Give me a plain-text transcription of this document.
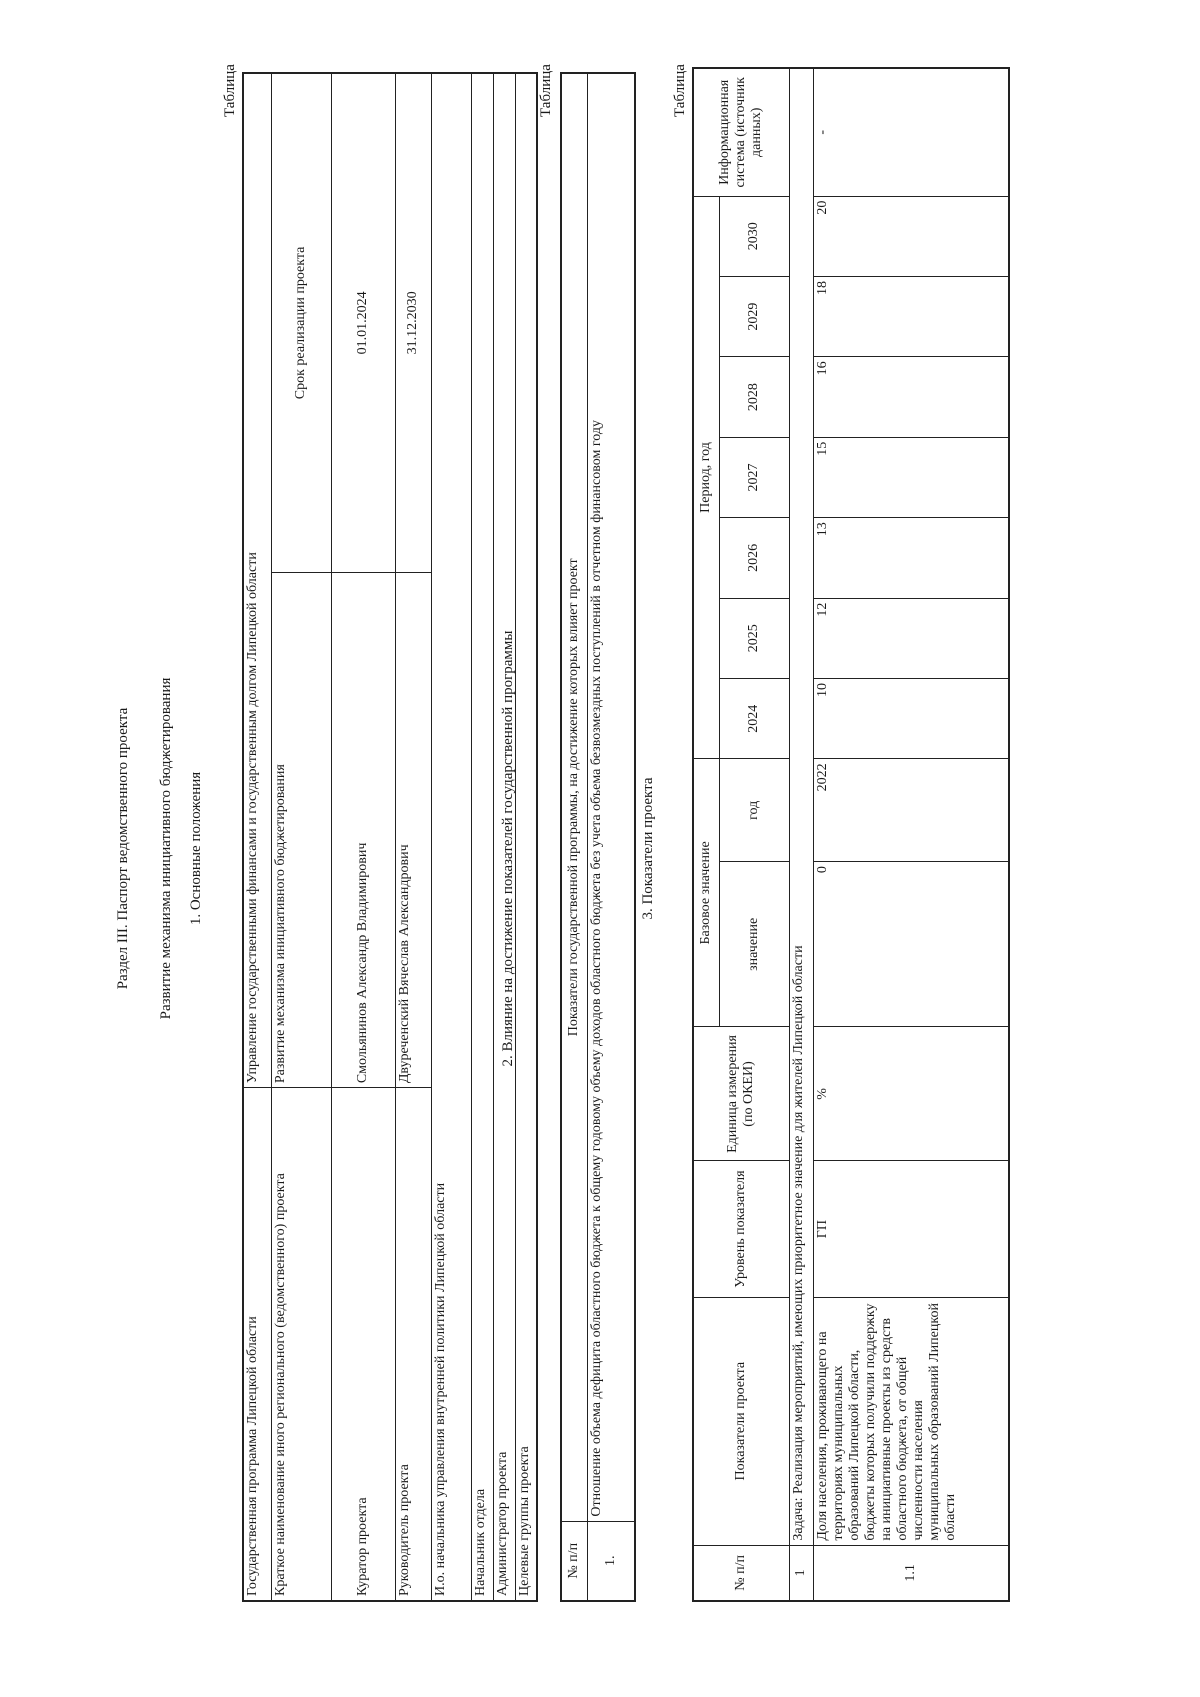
Раздел III. Паспорт ведомственного проекта Развитие механизма инициативного бюджетирования 1. Основные положения
Таблица
Государственная программа Липецкой области	Управление государственными финансами и государственным долгом Липецкой области	
Краткое наименование иного регионального (ведомственного) проекта	Развитие механизма инициативного бюджетирования	Срок реализации проекта
Куратор проекта	Смольянинов Александр Владимирович	01.01.2024
Руководитель проекта	Двуреченский Вячеслав Александрович	31.12.2030
И.о. начальника управления внутренней политики Липецкой области		
Начальник отдела		
Администратор проекта		
Целевые группы проекта		
2. Влияние на достижение показателей государственной программы
Таблица
№ п/п	Показатели государственной программы, на достижение которых влияет проект
1.	Отношение объема дефицита областного бюджета к общему годовому объему доходов областного бюджета без учета объема безвозмездных поступлений в отчетном финансовом году 3. Показатели проекта
Таблица
№ п/п	Показатели проекта	Уровень показателя	Единица измерения (по ОКЕИ)	Базовое значение		Период, год							Информационная система (источник данных)
				значение	год	2024	2025	2026	2027	2028	2029	2030	
1	Задача: Реализация мероприятий, имеющих приоритетное значение для жителей Липецкой области												
1.1	Доля населения, проживающего на территориях муниципальных образований Липецкой области, бюджеты которых получили поддержку на инициативные проекты из средств областного бюджета, от общей численности населения муниципальных образований Липецкой области	ГП	%	0	2022	10	12	13	15	16	18	20	-
